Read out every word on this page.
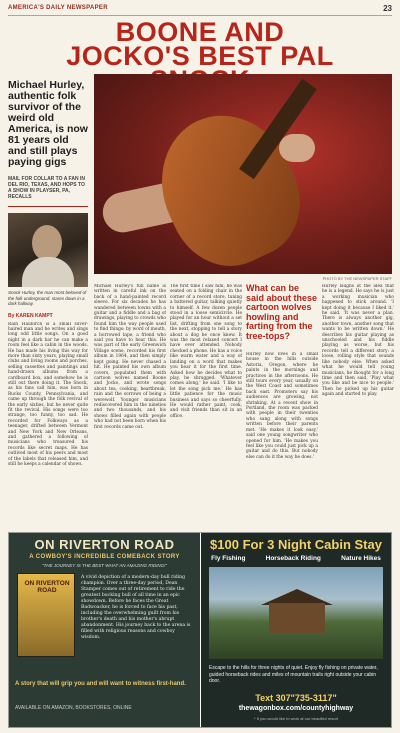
AMERICA'S DAILY NEWSPAPER	23
BOONE AND
JOCKO'S BEST PAL
Michael Hurley, authentic folk survivor of the weird old America, is now 81 years old and still plays paying gigs
MAIL FOR COLLAR TO A FAN IN DEL RIO, TEXAS, AND HOPS TO A SHOW IN PLAYSER, PA, RECALLS
Snock Hurley, the man most beloved of the folk underground, stares down in a dark hallway.
By KAREN KAMPT
Rain Haubirch is a small silver-haired man and he writes and sings long odd little songs. On a good night in a dark bar he can make a room feel like a cabin in the woods. He has made his living this way for more than sixty years, playing small clubs and living rooms and porches, selling cassettes and paintings and hand-drawn albums from a cardboard box, and somehow he is still out there doing it. The Snock, as his fans call him, was born in Bucks County, Pennsylvania, and came up through the folk revival of the early sixties, but he never quite fit the revival. His songs were too strange, too funny, too sad. He recorded for Folkways as a teenager, drifted between Vermont and New York and New Orleans, and gathered a following of musicians who treasured his records like secret maps. He has outlived most of his peers and most of the labels that released him, and still he keeps a calendar of shows.
PHOTO BY THE NEWSPAPER STAFF
Michael Hurley's full name is written in careful ink on the back of a hand-painted record sleeve. For six decades he has wandered between towns with a guitar and a fiddle and a bag of drawings, playing to crowds who found him the way people used to find things: by word of mouth, a borrowed tape, a friend who said you have to hear this. He was part of the early Greenwich Village scene, recorded his first album in 1964, and then simply kept going. He never chased a hit. He painted his own album covers, populated them with cartoon wolves named Boone and Jocko, and wrote songs about tea, cooking, heartbreak, rain and the sorrows of being a werewolf. Younger musicians rediscovered him in the nineties and two thousands, and his shows filled again with people who had not been born when his first records came out.
The first time I saw him, he was seated on a folding chair in the corner of a record store, tuning a battered guitar, talking quietly to himself. A few dozen people stood in a loose semicircle. He played for an hour without a set list, drifting from one song to the next, stopping to tell a story about a dog he once knew. It was the most relaxed concert I have ever attended. Nobody checked a phone. He has a voice like warm water and a way of landing on a word that makes you hear it for the first time. Asked how he decides what to play, he shrugged. 'Whatever comes along,' he said. 'I like to let the song pick me.' He has little patience for the music business and says so cheerfully. He would rather paint, cook, and visit friends than sit in an office.
What can be said about these cartoon wolves howling and farting from the tree-tops?
Hurley now lives in a small house in the hills outside Astoria, Oregon, where he paints in the mornings and practices in the afternoons. He still tours every year, usually on the West Coast and sometimes back east. Promoters say his audiences are growing, not shrinking. At a recent show in Portland, the room was packed with people in their twenties who sang along with songs written before their parents met. 'He makes it look easy,' said one young songwriter who opened for him. 'He makes you feel like you could just pick up a guitar and do this. But nobody else can do it the way he does.'
Hurley laughs at the idea that he is a legend. He says he is just a working musician who happened to stick around. 'I kept doing it because I liked it,' he said. 'It was never a plan. There is always another gig, another town, another song that wants to be written down.' He describes his guitar playing as unschooled and his fiddle playing as worse, but his records tell a different story: a loose, rolling style that sounds like nobody else. When asked what he would tell young musicians, he thought for a long time and then said, 'Play what you like and be nice to people.' Then he picked up his guitar again and started to play.
ON RIVERTON ROAD
A COWBOY'S INCREDIBLE COMEBACK STORY
"THE JOURNEY IS THE BEST WHAT AN AMAZING RIDING!"
ON RIVERTON ROAD
A vivid depiction of a modern-day bull riding champion. Over a three-day period, Dean Stamper comes out of retirement to ride the greatest bucking bull of all time in an epic showdown. Before he faces the Great Badwoacker, he is forced to face his past, including the overwhelming guilt from his brother's death and his mother's abrupt abandonment. His journey back to the arena is filled with religious reasons and cowboy wisdom.
A story that will grip you and will want to witness first-hand.
AVAILABLE ON AMAZON, BOOKSTORES, ONLINE
$100 For 3 Night Cabin Stay
Fly Fishing	Horseback Riding	Nature Hikes
Escape to the hills for three nights of quiet. Enjoy fly fishing on private water, guided horseback rides and miles of mountain trails right outside your cabin door.
Text 307"735-3117"
thewagonbox.com/countyhighway
* If you would like to work at our beautiful resort
